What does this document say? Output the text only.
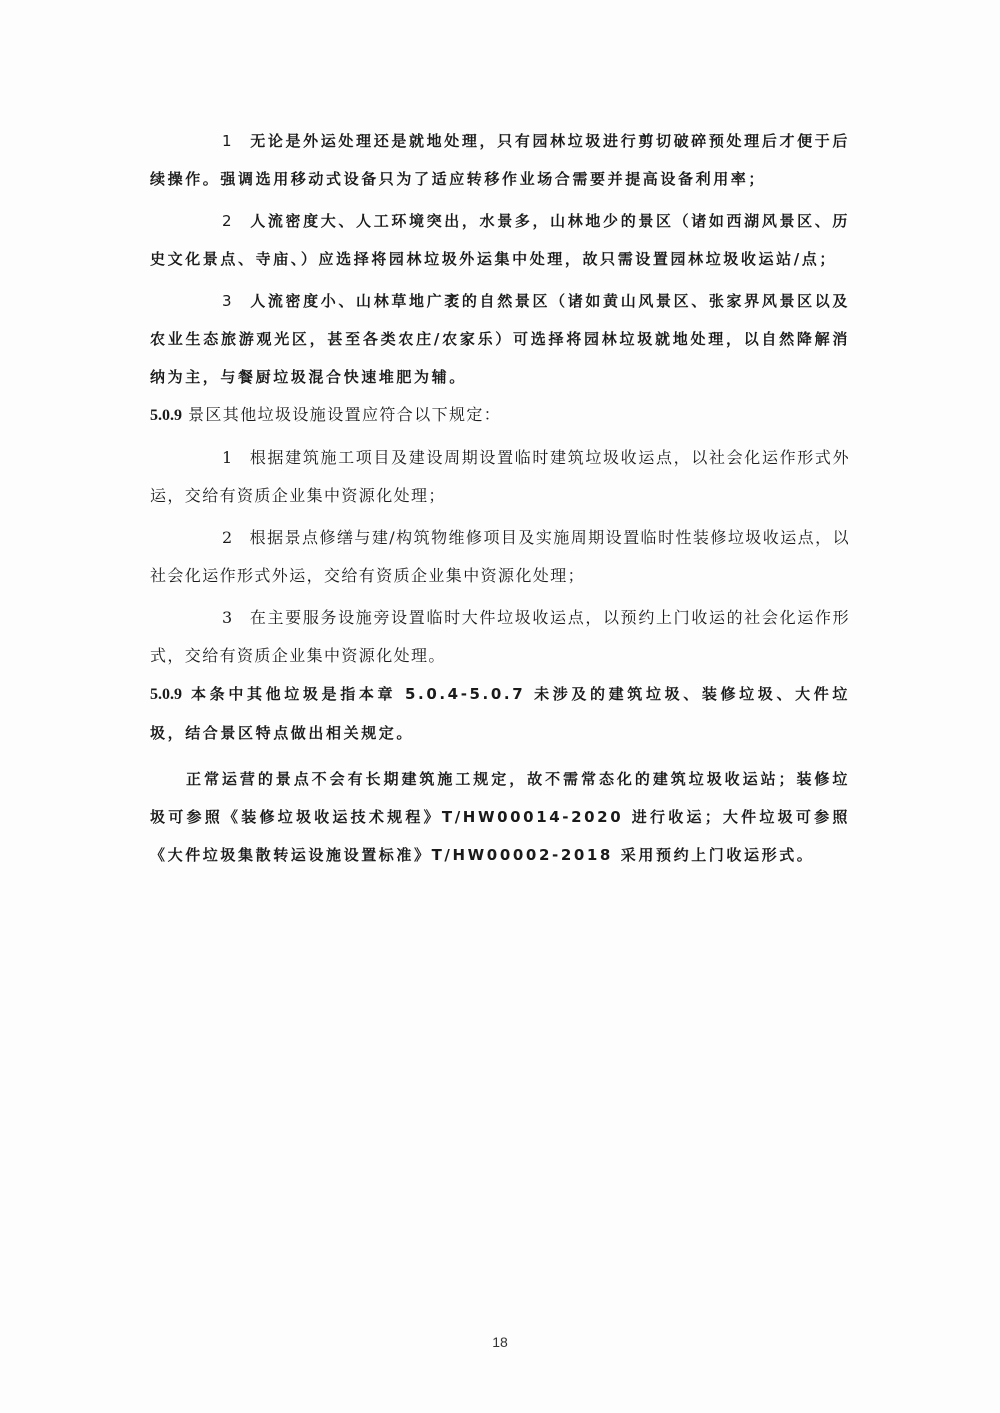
1 无论是外运处理还是就地处理，只有园林垃圾进行剪切破碎预处理后才便于后续操作。强调选用移动式设备只为了适应转移作业场合需要并提高设备利用率；

2 人流密度大、人工环境突出，水景多，山林地少的景区（诸如西湖风景区、历史文化景点、寺庙、）应选择将园林垃圾外运集中处理，故只需设置园林垃圾收运站/点；

3 人流密度小、山林草地广袤的自然景区（诸如黄山风景区、张家界风景区以及农业生态旅游观光区，甚至各类农庄/农家乐）可选择将园林垃圾就地处理，以自然降解消纳为主，与餐厨垃圾混合快速堆肥为辅。

5.0.9 景区其他垃圾设施设置应符合以下规定：

1 根据建筑施工项目及建设周期设置临时建筑垃圾收运点，以社会化运作形式外运，交给有资质企业集中资源化处理；

2 根据景点修缮与建/构筑物维修项目及实施周期设置临时性装修垃圾收运点，以社会化运作形式外运，交给有资质企业集中资源化处理；

3 在主要服务设施旁设置临时大件垃圾收运点，以预约上门收运的社会化运作形式，交给有资质企业集中资源化处理。

5.0.9 本条中其他垃圾是指本章 5.0.4-5.0.7 未涉及的建筑垃圾、装修垃圾、大件垃圾，结合景区特点做出相关规定。

正常运营的景点不会有长期建筑施工规定，故不需常态化的建筑垃圾收运站；装修垃圾可参照《装修垃圾收运技术规程》T/HW00014-2020 进行收运；大件垃圾可参照《大件垃圾集散转运设施设置标准》T/HW00002-2018 采用预约上门收运形式。

18
